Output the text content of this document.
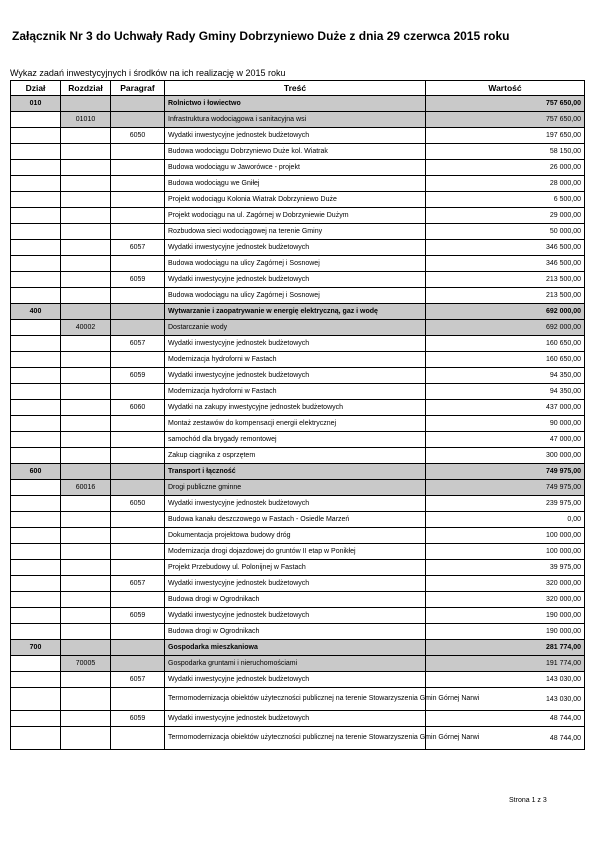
Załącznik Nr 3 do Uchwały Rady Gminy Dobrzyniewo Duże z dnia 29 czerwca 2015 roku
Wykaz zadań inwestycyjnych i środków na ich realizację w 2015 roku
Dział	Rozdział	Paragraf	Treść	Wartość
010			Rolnictwo i łowiectwo	757 650,00
	01010		Infrastruktura wodociągowa i sanitacyjna wsi	757 650,00
		6050	Wydatki inwestycyjne jednostek budżetowych	197 650,00
			Budowa wodociągu Dobrzyniewo Duże kol. Wiatrak	58 150,00
			Budowa wodociągu w Jaworówce - projekt	26 000,00
			Budowa wodociągu we Gniłej	28 000,00
			Projekt wodociągu Kolonia Wiatrak Dobrzyniewo Duże	6 500,00
			Projekt wodociągu na ul. Zagórnej w Dobrzyniewie Dużym	29 000,00
			Rozbudowa sieci wodociągowej na terenie Gminy	50 000,00
		6057	Wydatki inwestycyjne jednostek budżetowych	346 500,00
			Budowa wodociągu na ulicy Zagórnej i Sosnowej	346 500,00
		6059	Wydatki inwestycyjne jednostek budżetowych	213 500,00
			Budowa wodociągu na ulicy Zagórnej i Sosnowej	213 500,00
400			Wytwarzanie i zaopatrywanie w energię elektryczną, gaz i wodę	692 000,00
	40002		Dostarczanie wody	692 000,00
		6057	Wydatki inwestycyjne jednostek budżetowych	160 650,00
			Modernizacja hydroforni w Fastach	160 650,00
		6059	Wydatki inwestycyjne jednostek budżetowych	94 350,00
			Modernizacja hydroforni w Fastach	94 350,00
		6060	Wydatki na zakupy inwestycyjne jednostek budżetowych	437 000,00
			Montaż zestawów do kompensacji energii elektrycznej	90 000,00
			samochód dla brygady remontowej	47 000,00
			Zakup ciągnika z osprzętem	300 000,00
600			Transport i łączność	749 975,00
	60016		Drogi publiczne gminne	749 975,00
		6050	Wydatki inwestycyjne jednostek budżetowych	239 975,00
			Budowa kanału deszczowego w Fastach - Osiedle Marzeń	0,00
			Dokumentacja projektowa budowy dróg	100 000,00
			Modernizacja drogi dojazdowej do gruntów II etap w Ponikłej	100 000,00
			Projekt Przebudowy ul. Polonijnej w Fastach	39 975,00
		6057	Wydatki inwestycyjne jednostek budżetowych	320 000,00
			Budowa drogi w Ogrodnikach	320 000,00
		6059	Wydatki inwestycyjne jednostek budżetowych	190 000,00
			Budowa drogi w Ogrodnikach	190 000,00
700			Gospodarka mieszkaniowa	281 774,00
	70005		Gospodarka gruntami i nieruchomościami	191 774,00
		6057	Wydatki inwestycyjne jednostek budżetowych	143 030,00
			Termomodernizacja obiektów użyteczności publicznej na terenie Stowarzyszenia Gmin Górnej Narwi	143 030,00
		6059	Wydatki inwestycyjne jednostek budżetowych	48 744,00
			Termomodernizacja obiektów użyteczności publicznej na terenie Stowarzyszenia Gmin Górnej Narwi	48 744,00
Strona 1 z 3
